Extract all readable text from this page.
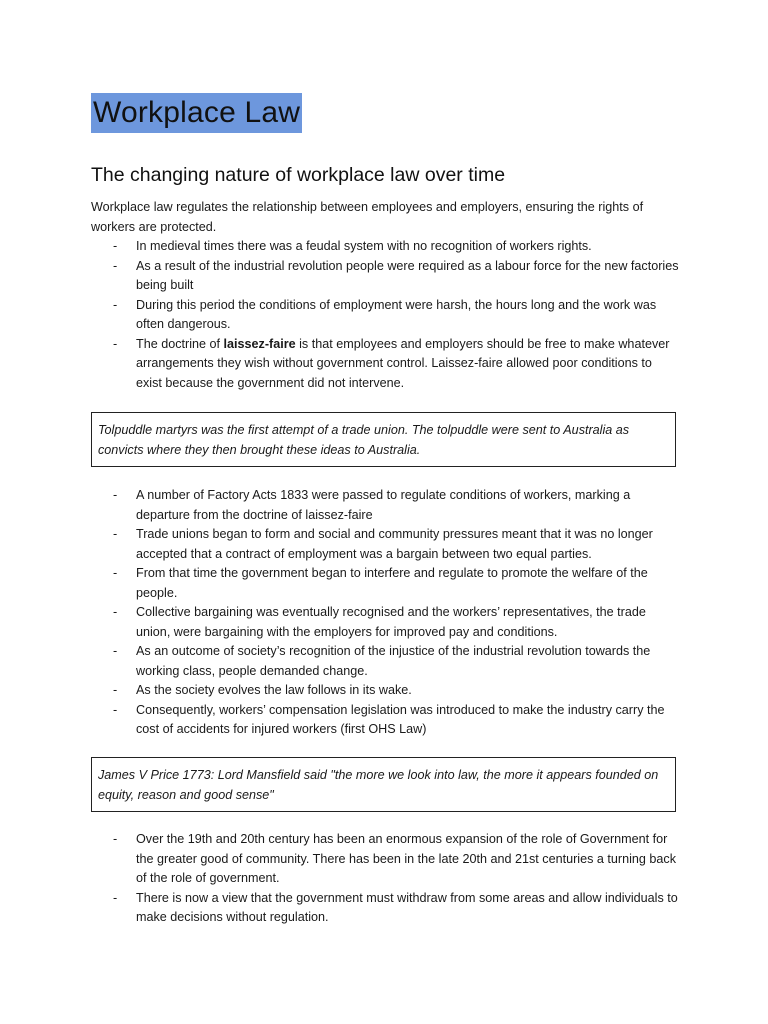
Workplace Law
The changing nature of workplace law over time

Workplace law regulates the relationship between employees and employers, ensuring the rights of workers are protected.

- In medieval times there was a feudal system with no recognition of workers rights.
- As a result of the industrial revolution people were required as a labour force for the new factories being built
- During this period the conditions of employment were harsh, the hours long and the work was often dangerous.
- The doctrine of laissez-faire is that employees and employers should be free to make whatever arrangements they wish without government control. Laissez-faire allowed poor conditions to exist because the government did not intervene.
Tolpuddle martyrs was the first attempt of a trade union. The tolpuddle were sent to Australia as convicts where they then brought these ideas to Australia.
- A number of Factory Acts 1833 were passed to regulate conditions of workers, marking a departure from the doctrine of laissez-faire
- Trade unions began to form and social and community pressures meant that it was no longer accepted that a contract of employment was a bargain between two equal parties.
- From that time the government began to interfere and regulate to promote the welfare of the people.
- Collective bargaining was eventually recognised and the workers’ representatives, the trade union, were bargaining with the employers for improved pay and conditions.
- As an outcome of society’s recognition of the injustice of the industrial revolution towards the working class, people demanded change.
- As the society evolves the law follows in its wake.
- Consequently, workers’ compensation legislation was introduced to make the industry carry the cost of accidents for injured workers (first OHS Law)
James V Price 1773: Lord Mansfield said "the more we look into law, the more it appears founded on equity, reason and good sense"
- Over the 19th and 20th century has been an enormous expansion of the role of Government for the greater good of community. There has been in the late 20th and 21st centuries a turning back of the role of government.
- There is now a view that the government must withdraw from some areas and allow individuals to make decisions without regulation.
